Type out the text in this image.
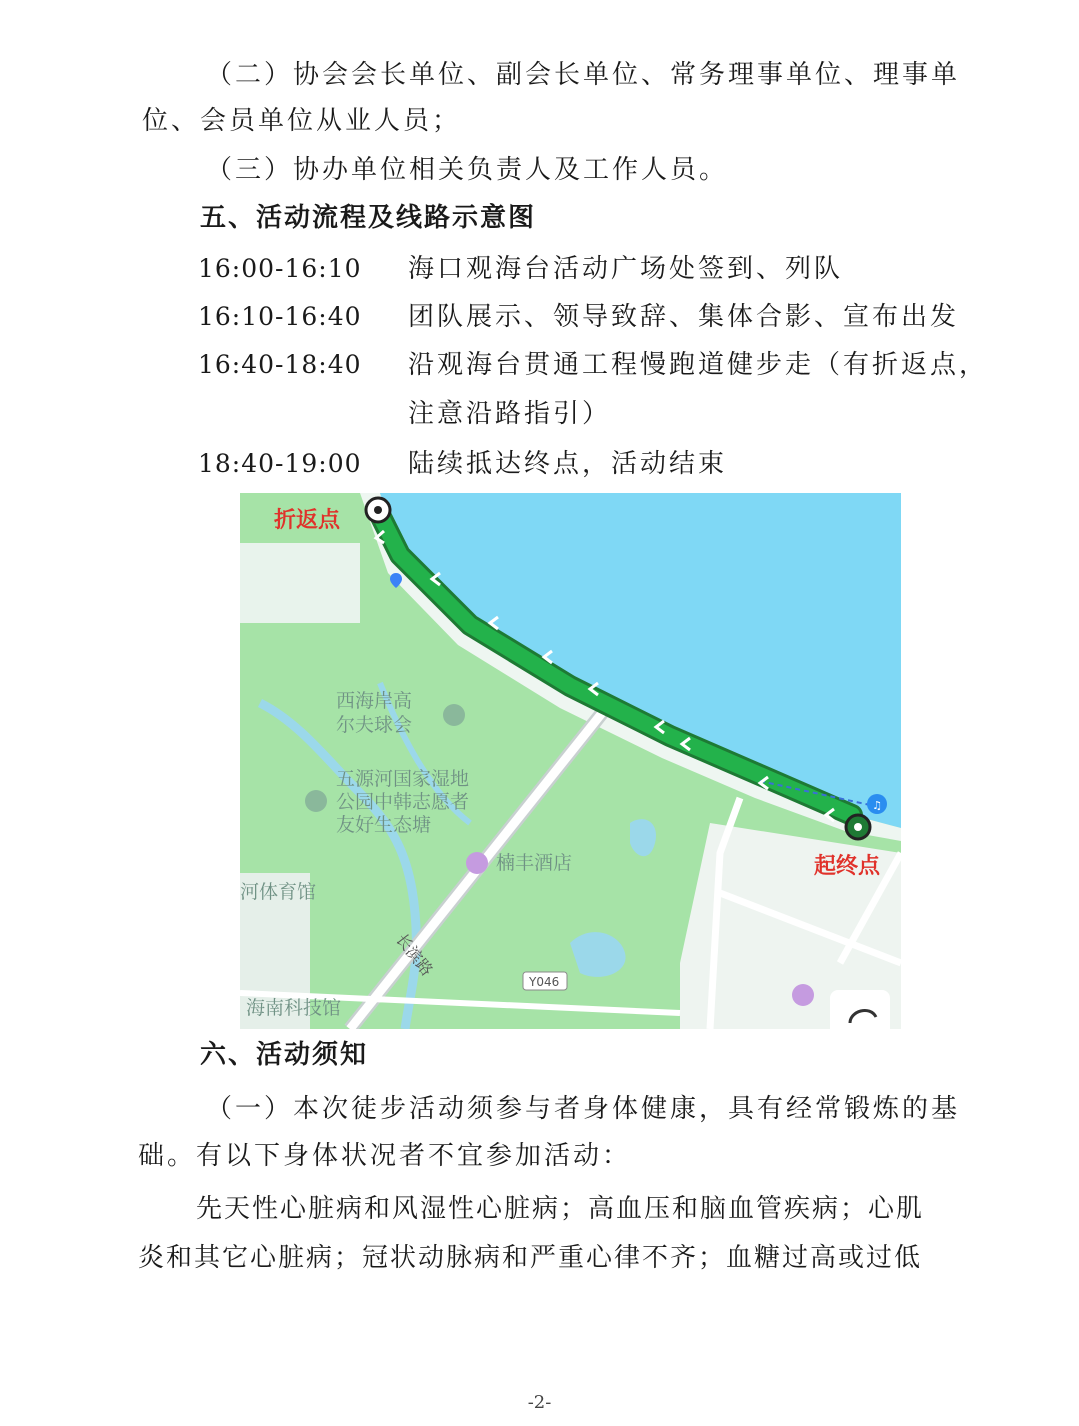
（二）协会会长单位、副会长单位、常务理事单位、理事单
位、会员单位从业人员；
（三）协办单位相关负责人及工作人员。
五、活动流程及线路示意图
16:00-16:10 海口观海台活动广场处签到、列队
16:10-16:40 团队展示、领导致辞、集体合影、宣布出发
16:40-18:40 沿观海台贯通工程慢跑道健步走（有折返点，
注意沿路指引）
18:40-19:00 陆续抵达终点，活动结束
♫
折返点
起终点
西海岸高
尔夫球会
五源河国家湿地
公园中韩志愿者
友好生态塘
楠丰酒店
河体育馆
海南科技馆
长滨路
Y046
六、活动须知
（一）本次徒步活动须参与者身体健康，具有经常锻炼的基
础。有以下身体状况者不宜参加活动：
先天性心脏病和风湿性心脏病；高血压和脑血管疾病；心肌
炎和其它心脏病；冠状动脉病和严重心律不齐；血糖过高或过低
-2-
